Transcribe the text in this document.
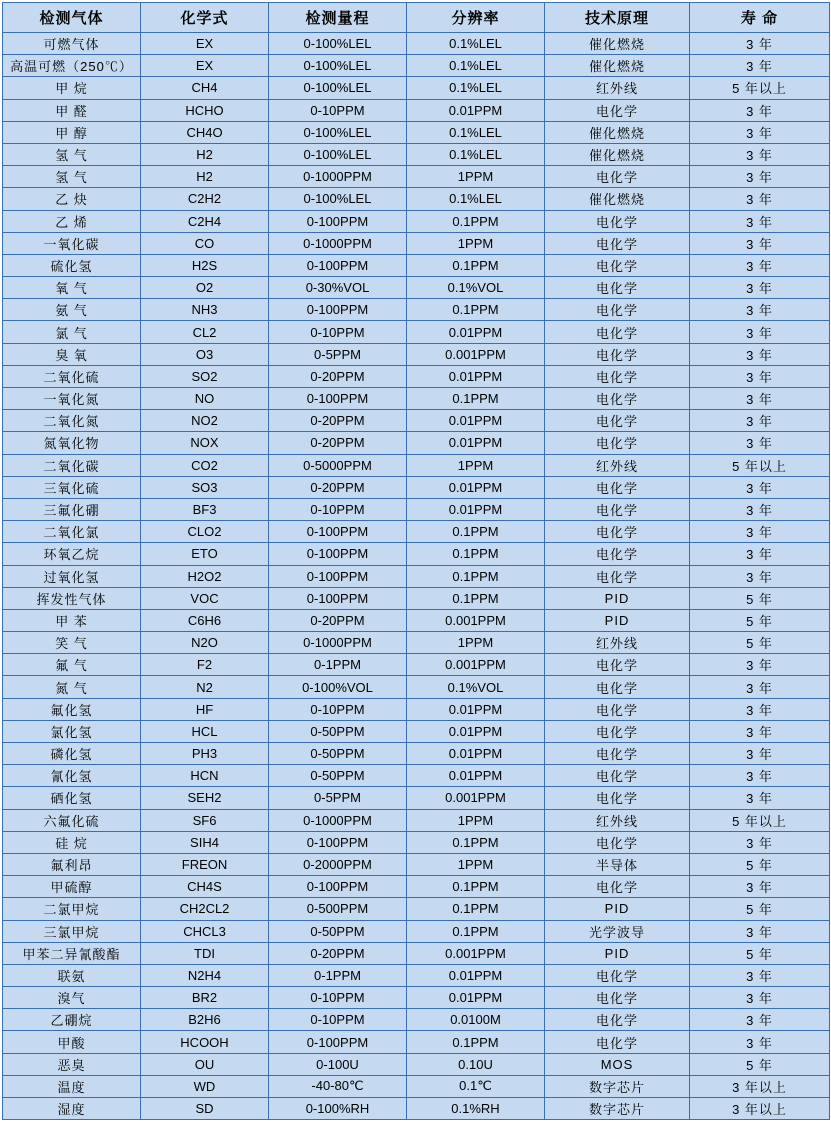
检测气体	化学式	检测量程	分辨率	技术原理	寿 命
可燃气体	EX	0-100%LEL	0.1%LEL	催化燃烧	3 年
高温可燃（250℃）	EX	0-100%LEL	0.1%LEL	催化燃烧	3 年
甲 烷	CH4	0-100%LEL	0.1%LEL	红外线	5 年以上
甲 醛	HCHO	0-10PPM	0.01PPM	电化学	3 年
甲 醇	CH4O	0-100%LEL	0.1%LEL	催化燃烧	3 年
氢 气	H2	0-100%LEL	0.1%LEL	催化燃烧	3 年
氢 气	H2	0-1000PPM	1PPM	电化学	3 年
乙 炔	C2H2	0-100%LEL	0.1%LEL	催化燃烧	3 年
乙 烯	C2H4	0-100PPM	0.1PPM	电化学	3 年
一氧化碳	CO	0-1000PPM	1PPM	电化学	3 年
硫化氢	H2S	0-100PPM	0.1PPM	电化学	3 年
氧 气	O2	0-30%VOL	0.1%VOL	电化学	3 年
氨 气	NH3	0-100PPM	0.1PPM	电化学	3 年
氯 气	CL2	0-10PPM	0.01PPM	电化学	3 年
臭 氧	O3	0-5PPM	0.001PPM	电化学	3 年
二氧化硫	SO2	0-20PPM	0.01PPM	电化学	3 年
一氧化氮	NO	0-100PPM	0.1PPM	电化学	3 年
二氧化氮	NO2	0-20PPM	0.01PPM	电化学	3 年
氮氧化物	NOX	0-20PPM	0.01PPM	电化学	3 年
二氧化碳	CO2	0-5000PPM	1PPM	红外线	5 年以上
三氧化硫	SO3	0-20PPM	0.01PPM	电化学	3 年
三氟化硼	BF3	0-10PPM	0.01PPM	电化学	3 年
二氧化氯	CLO2	0-100PPM	0.1PPM	电化学	3 年
环氧乙烷	ETO	0-100PPM	0.1PPM	电化学	3 年
过氧化氢	H2O2	0-100PPM	0.1PPM	电化学	3 年
挥发性气体	VOC	0-100PPM	0.1PPM	PID	5 年
甲 苯	C6H6	0-20PPM	0.001PPM	PID	5 年
笑 气	N2O	0-1000PPM	1PPM	红外线	5 年
氟 气	F2	0-1PPM	0.001PPM	电化学	3 年
氮 气	N2	0-100%VOL	0.1%VOL	电化学	3 年
氟化氢	HF	0-10PPM	0.01PPM	电化学	3 年
氯化氢	HCL	0-50PPM	0.01PPM	电化学	3 年
磷化氢	PH3	0-50PPM	0.01PPM	电化学	3 年
氰化氢	HCN	0-50PPM	0.01PPM	电化学	3 年
硒化氢	SEH2	0-5PPM	0.001PPM	电化学	3 年
六氟化硫	SF6	0-1000PPM	1PPM	红外线	5 年以上
硅 烷	SIH4	0-100PPM	0.1PPM	电化学	3 年
氟利昂	FREON	0-2000PPM	1PPM	半导体	5 年
甲硫醇	CH4S	0-100PPM	0.1PPM	电化学	3 年
二氯甲烷	CH2CL2	0-500PPM	0.1PPM	PID	5 年
三氯甲烷	CHCL3	0-50PPM	0.1PPM	光学波导	3 年
甲苯二异氰酸酯	TDI	0-20PPM	0.001PPM	PID	5 年
联氨	N2H4	0-1PPM	0.01PPM	电化学	3 年
溴气	BR2	0-10PPM	0.01PPM	电化学	3 年
乙硼烷	B2H6	0-10PPM	0.0100M	电化学	3 年
甲酸	HCOOH	0-100PPM	0.1PPM	电化学	3 年
恶臭	OU	0-100U	0.10U	MOS	5 年
温度	WD	-40-80℃	0.1℃	数字芯片	3 年以上
湿度	SD	0-100%RH	0.1%RH	数字芯片	3 年以上
